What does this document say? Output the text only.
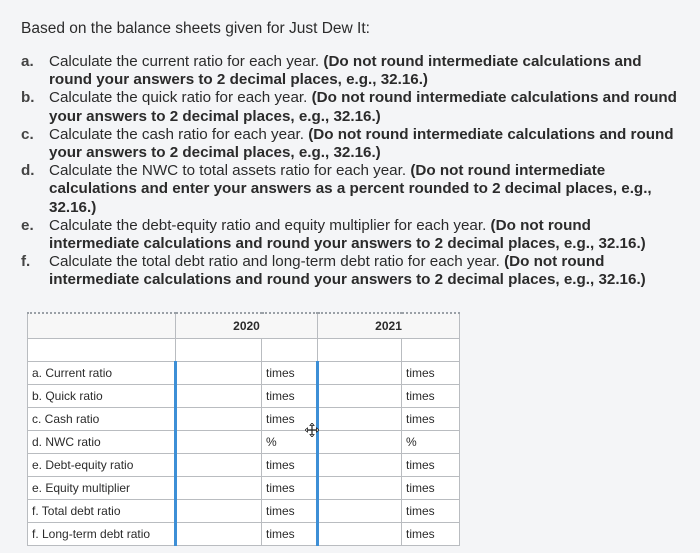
Based on the balance sheets given for Just Dew It:
a.	Calculate the current ratio for each year. (Do not round intermediate calculations and round your answers to 2 decimal places, e.g., 32.16.)
b. Calculate the quick ratio for each year. (Do not round intermediate calculations and round your answers to 2 decimal places, e.g., 32.16.)
c.	Calculate the cash ratio for each year. (Do not round intermediate calculations and round your answers to 2 decimal places, e.g., 32.16.)
d. Calculate the NWC to total assets ratio for each year. (Do not round intermediate calculations and enter your answers as a percent rounded to 2 decimal places, e.g., 32.16.)
e.	Calculate the debt-equity ratio and equity multiplier for each year. (Do not round intermediate calculations and round your answers to 2 decimal places, e.g., 32.16.)
f.	Calculate the total debt ratio and long-term debt ratio for each year. (Do not round intermediate calculations and round your answers to 2 decimal places, e.g., 32.16.)
	2020		2021	

a. Current ratio		times		times
b. Quick ratio		times		times
c. Cash ratio		times		times
d. NWC ratio		%		%
e. Debt-equity ratio		times		times
e. Equity multiplier		times		times
f. Total debt ratio		times		times
f. Long-term debt ratio		times		times
